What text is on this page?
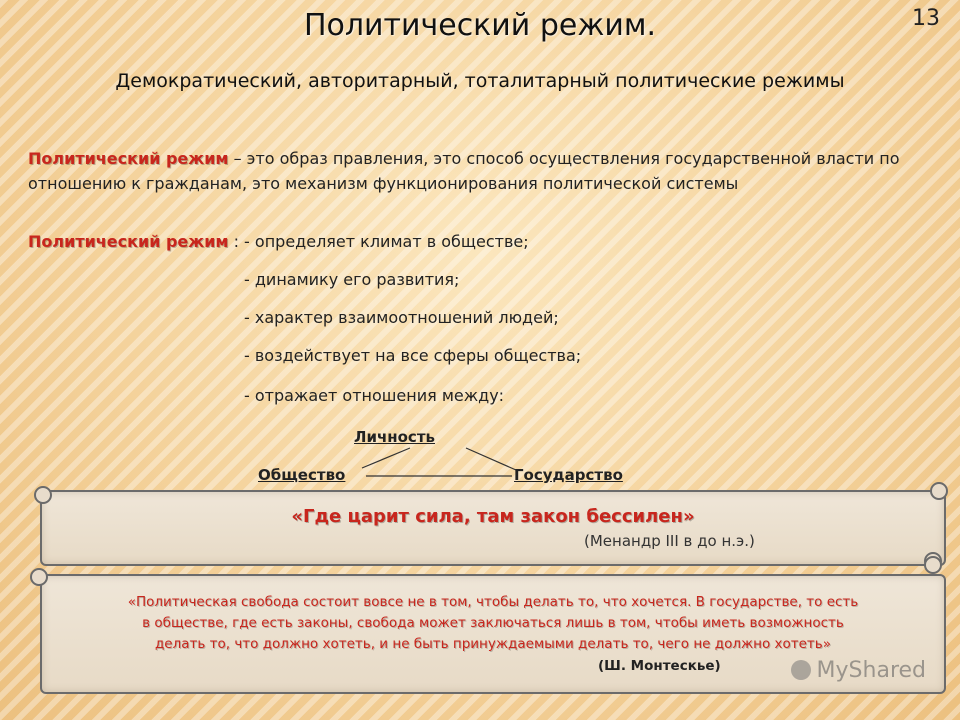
13
Политический режим.
Демократический, авторитарный, тоталитарный политические режимы
Политический режим – это образ правления, это способ осуществления государственной власти по отношению к гражданам, это механизм функционирования политической системы
Политический режим : - определяет климат в обществе;
- динамику его развития;
- характер взаимоотношений людей;
- воздействует на все сферы общества;
- отражает отношения между:
Личность
Общество	Государство
«Где царит сила, там закон бессилен»
(Менандр III в до н.э.)
«Политическая свобода состоит вовсе не в том, чтобы делать то, что хочется. В государстве, то есть
в обществе, где есть законы, свобода может заключаться лишь в том, чтобы иметь возможность
делать то, что должно хотеть, и не быть принуждаемыми делать то, чего не должно хотеть»
(Ш. Монтескье)	MyShared
